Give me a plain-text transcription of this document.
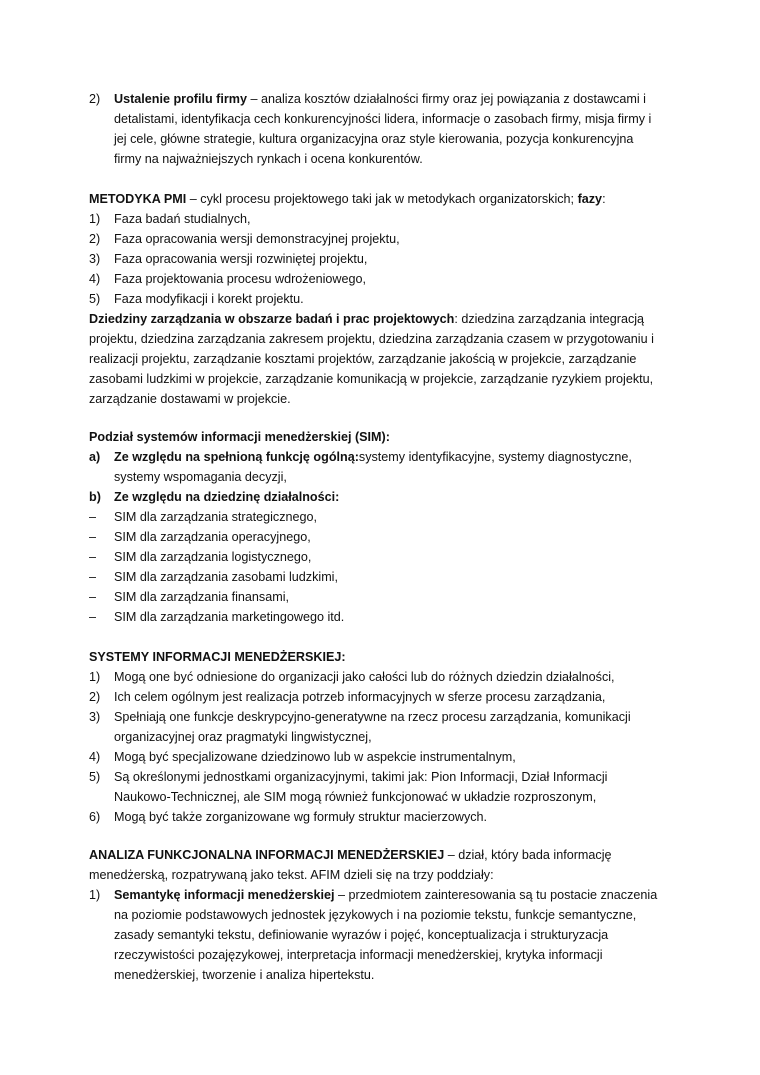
2) Ustalenie profilu firmy – analiza kosztów działalności firmy oraz jej powiązania z dostawcami i
detalistami, identyfikacja cech konkurencyjności lidera, informacje o zasobach firmy, misja firmy i
jej cele, główne strategie, kultura organizacyjna oraz style kierowania, pozycja konkurencyjna
firmy na najważniejszych rynkach i ocena konkurentów.
METODYKA PMI – cykl procesu projektowego taki jak w metodykach organizatorskich; fazy:
1) Faza badań studialnych,
2) Faza opracowania wersji demonstracyjnej projektu,
3) Faza opracowania wersji rozwiniętej projektu,
4) Faza projektowania procesu wdrożeniowego,
5) Faza modyfikacji i korekt projektu.
Dziedziny zarządzania w obszarze badań i prac projektowych: dziedzina zarządzania integracją
projektu, dziedzina zarządzania zakresem projektu, dziedzina zarządzania czasem w przygotowaniu i
realizacji projektu, zarządzanie kosztami projektów, zarządzanie jakością w projekcie, zarządzanie
zasobami ludzkimi w projekcie, zarządzanie komunikacją w projekcie, zarządzanie ryzykiem projektu,
zarządzanie dostawami w projekcie.
Podział systemów informacji menedżerskiej (SIM):
a) Ze względu na spełnioną funkcję ogólną:systemy identyfikacyjne, systemy diagnostyczne,
systemy wspomagania decyzji,
b) Ze względu na dziedzinę działalności:
– SIM dla zarządzania strategicznego,
– SIM dla zarządzania operacyjnego,
– SIM dla zarządzania logistycznego,
– SIM dla zarządzania zasobami ludzkimi,
– SIM dla zarządzania finansami,
– SIM dla zarządzania marketingowego itd.
SYSTEMY INFORMACJI MENEDŻERSKIEJ:
1) Mogą one być odniesione do organizacji jako całości lub do różnych dziedzin działalności,
2) Ich celem ogólnym jest realizacja potrzeb informacyjnych w sferze procesu zarządzania,
3) Spełniają one funkcje deskrypcyjno-generatywne na rzecz procesu zarządzania, komunikacji
organizacyjnej oraz pragmatyki lingwistycznej,
4) Mogą być specjalizowane dziedzinowo lub w aspekcie instrumentalnym,
5) Są określonymi jednostkami organizacyjnymi, takimi jak: Pion Informacji, Dział Informacji
Naukowo-Technicznej, ale SIM mogą również funkcjonować w układzie rozproszonym,
6) Mogą być także zorganizowane wg formuły struktur macierzowych.
ANALIZA FUNKCJONALNA INFORMACJI MENEDŻERSKIEJ – dział, który bada informację
menedżerską, rozpatrywaną jako tekst. AFIM dzieli się na trzy poddziały:
1) Semantykę informacji menedżerskiej – przedmiotem zainteresowania są tu postacie znaczenia
na poziomie podstawowych jednostek językowych i na poziomie tekstu, funkcje semantyczne,
zasady semantyki tekstu, definiowanie wyrazów i pojęć, konceptualizacja i strukturyzacja
rzeczywistości pozajęzykowej, interpretacja informacji menedżerskiej, krytyka informacji
menedżerskiej, tworzenie i analiza hipertekstu.
